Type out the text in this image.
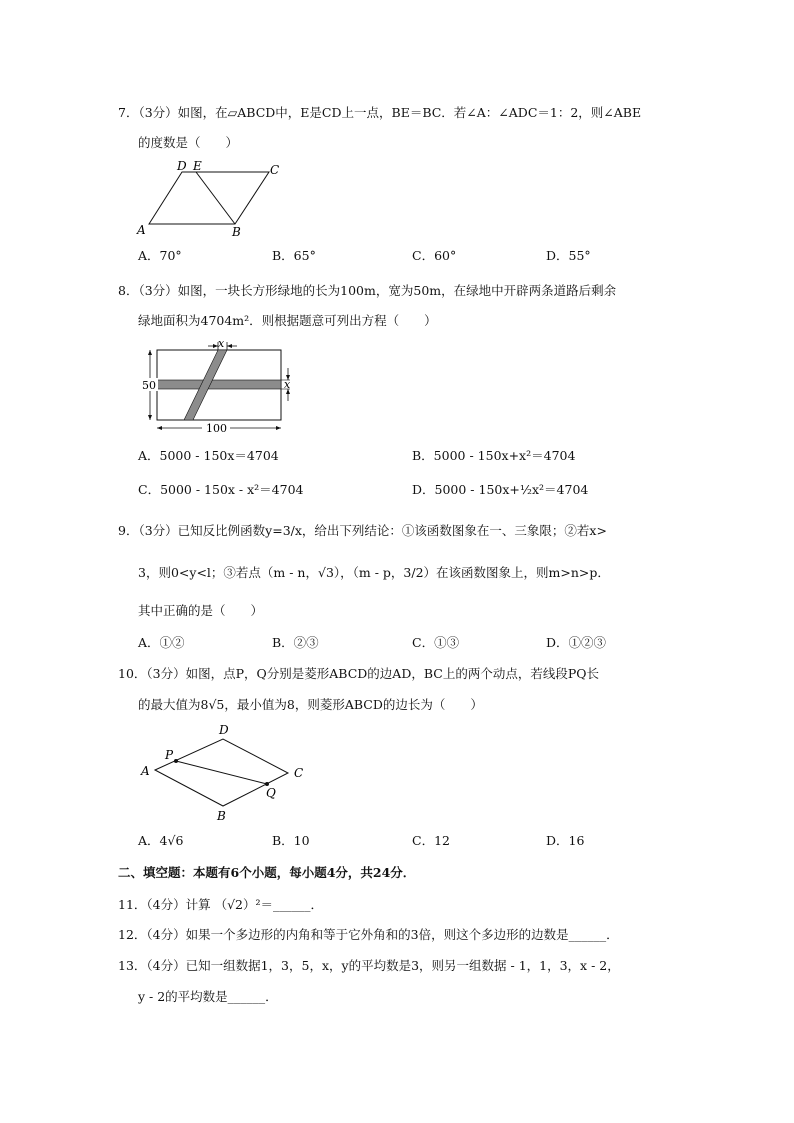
7．（3分）如图，在▱ABCD中，E是CD上一点，BE＝BC．若∠A：∠ADC＝1：2，则∠ABE
的度数是（　　）
D E	C
A	B
A．70°	B．65°	C．60°	D．55°
8．（3分）如图，一块长方形绿地的长为100m，宽为50m，在绿地中开辟两条道路后剩余
绿地面积为4704m²．则根据题意可列出方程（　　）
x
x
50
100
A．5000 - 150x＝4704	B．5000 - 150x+x²＝4704
C．5000 - 150x - x²＝4704	D．5000 - 150x+½x²＝4704
9．（3分）已知反比例函数y=3/x，给出下列结论：①该函数图象在一、三象限；②若x>
3，则0<y<l；③若点（m - n，√3），（m - p，3/2）在该函数图象上，则m>n>p．
其中正确的是（　　）
A．①②	B．②③	C．①③	D．①②③
10．（3分）如图，点P，Q分别是菱形ABCD的边AD，BC上的两个动点，若线段PQ长
的最大值为8√5，最小值为8，则菱形ABCD的边长为（　　）
D
P
A	C
Q
B
A．4√6	B．10	C．12	D．16
二、填空题：本题有6个小题，每小题4分，共24分．
11．（4分）计算 （√2）²＝______．
12．（4分）如果一个多边形的内角和等于它外角和的3倍，则这个多边形的边数是______．
13．（4分）已知一组数据1，3，5，x，y的平均数是3，则另一组数据 - 1，1，3，x - 2，
y - 2的平均数是______．
